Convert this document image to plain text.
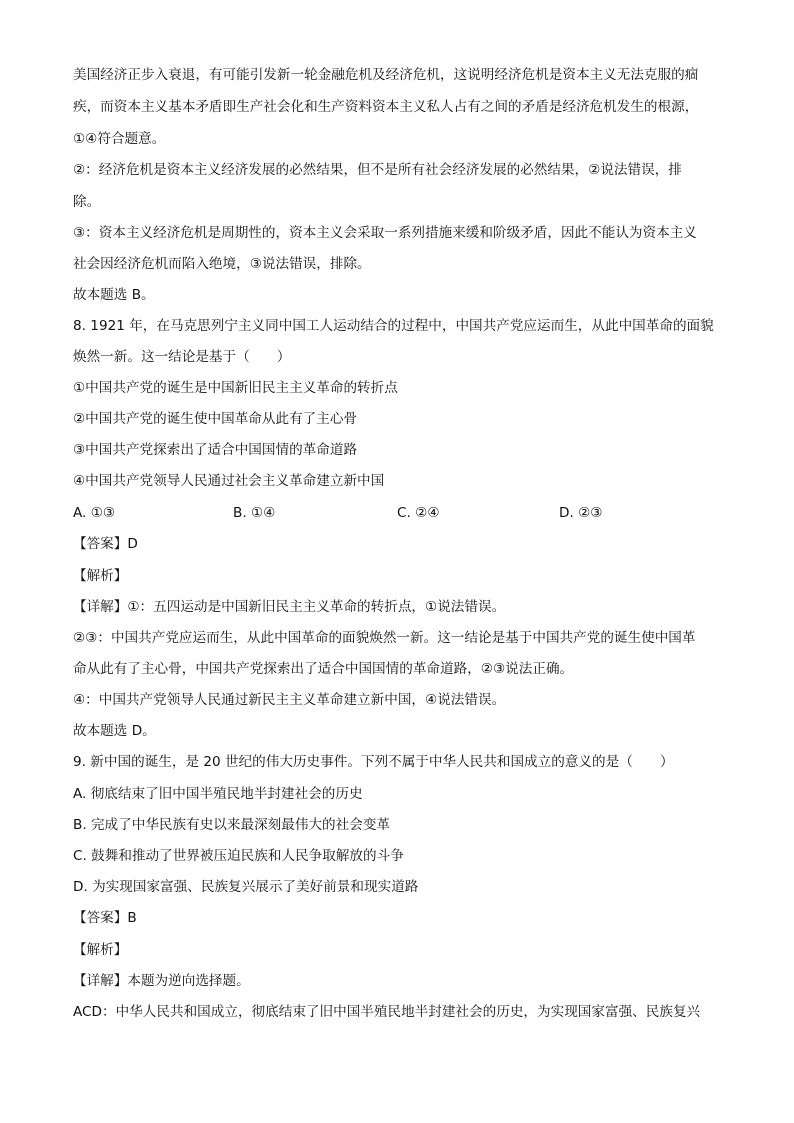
美国经济正步入衰退，有可能引发新一轮金融危机及经济危机，这说明经济危机是资本主义无法克服的痼
疾，而资本主义基本矛盾即生产社会化和生产资料资本主义私人占有之间的矛盾是经济危机发生的根源，
①④符合题意。
②：经济危机是资本主义经济发展的必然结果，但不是所有社会经济发展的必然结果，②说法错误，排
除。
③：资本主义经济危机是周期性的，资本主义会采取一系列措施来缓和阶级矛盾，因此不能认为资本主义
社会因经济危机而陷入绝境，③说法错误，排除。
故本题选 B。
8. 1921 年，在马克思列宁主义同中国工人运动结合的过程中，中国共产党应运而生，从此中国革命的面貌
焕然一新。这一结论是基于（　　）
①中国共产党的诞生是中国新旧民主主义革命的转折点
②中国共产党的诞生使中国革命从此有了主心骨
③中国共产党探索出了适合中国国情的革命道路
④中国共产党领导人民通过社会主义革命建立新中国
A. ①③	B. ①④	C. ②④	D. ②③
【答案】D
【解析】
【详解】①：五四运动是中国新旧民主主义革命的转折点，①说法错误。
②③：中国共产党应运而生，从此中国革命的面貌焕然一新。这一结论是基于中国共产党的诞生使中国革
命从此有了主心骨，中国共产党探索出了适合中国国情的革命道路，②③说法正确。
④：中国共产党领导人民通过新民主主义革命建立新中国，④说法错误。
故本题选 D。
9. 新中国的诞生，是 20 世纪的伟大历史事件。下列不属于中华人民共和国成立的意义的是（　　）
A. 彻底结束了旧中国半殖民地半封建社会的历史
B. 完成了中华民族有史以来最深刻最伟大的社会变革
C. 鼓舞和推动了世界被压迫民族和人民争取解放的斗争
D. 为实现国家富强、民族复兴展示了美好前景和现实道路
【答案】B
【解析】
【详解】本题为逆向选择题。
ACD：中华人民共和国成立，彻底结束了旧中国半殖民地半封建社会的历史，为实现国家富强、民族复兴
